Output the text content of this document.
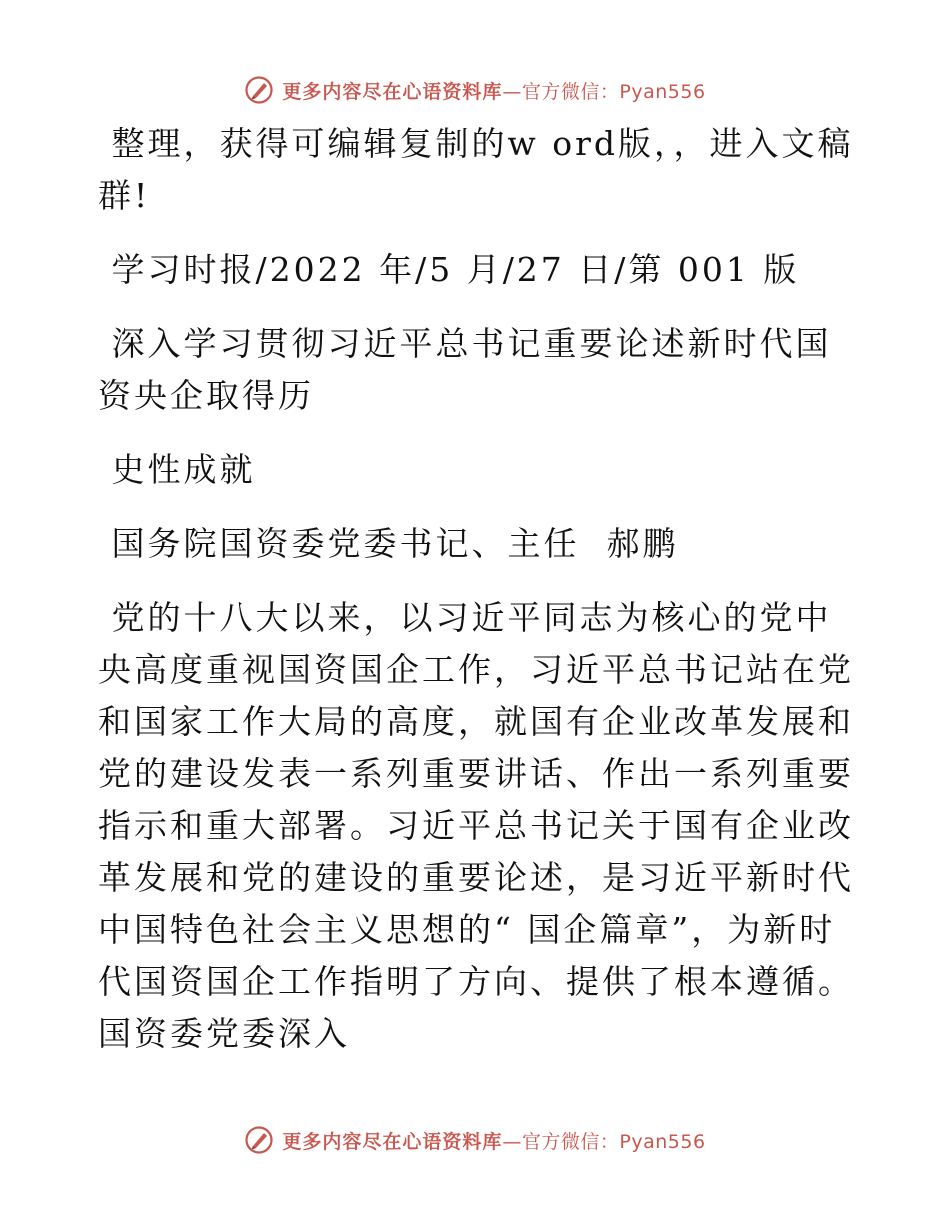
更多内容尽在心语资料库 —官方微信：Pyan556

整理，获得可编辑复制的w ord版，，进入文稿群!

学习时报/2022 年/5 月/27 日/第 001 版

深入学习贯彻习近平总书记重要论述新时代国资央企取得历

史性成就

国务院国资委党委书记、主任  郝鹏

党的十八大以来，以习近平同志为核心的党中央高度重视国资国企工作，习近平总书记站在党和国家工作大局的高度，就国有企业改革发展和党的建设发表一系列重要讲话、作出一系列重要指示和重大部署。习近平总书记关于国有企业改革发展和党的建设的重要论述，是习近平新时代中国特色社会主义思想的“ 国企篇章”，为新时代国资国企工作指明了方向、提供了根本遵循。国资委党委深入

更多内容尽在心语资料库 —官方微信：Pyan556
